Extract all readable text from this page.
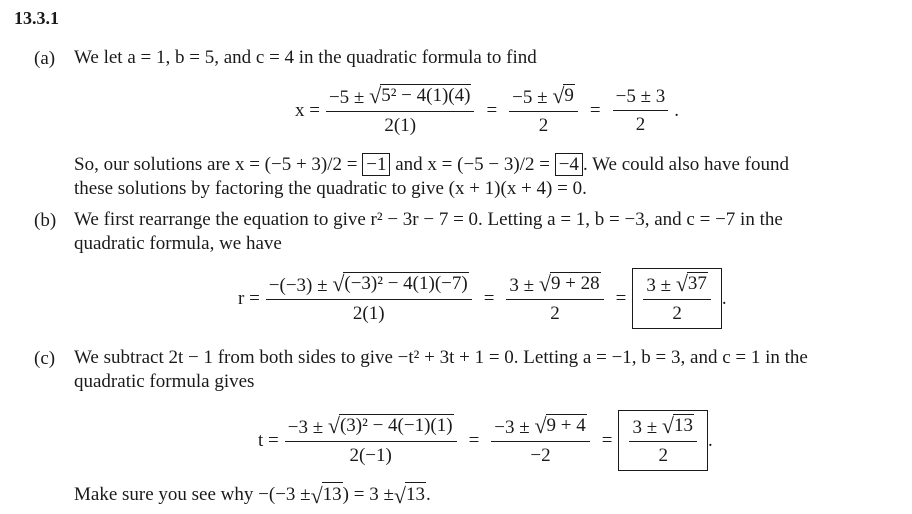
13.3.1
(a) We let a = 1, b = 5, and c = 4 in the quadratic formula to find
$x = \frac{\text{−5 ± √ 5² − 4(1)(4)}}{2(1)} = \frac{-5 \pm √ 9}{2} = \frac{-5 \pm 3}{2}$ .
So, our solutions are x = (−5 + 3)/2 = −1 and x = (−5 − 3)/2 = −4 . We could also have found
these solutions by factoring the quadratic to give (x + 1)(x + 4) = 0.
(b) We first rearrange the equation to give r² − 3r − 7 = 0. Letting a = 1, b = −3, and c = −7 in the
quadratic formula, we have
$r = \frac{\text{−(−3) ± √ (−3)² − 4(1)(−7)}}{2(1)} = \frac{3 \pm √ 9 + 28}{2} = \frac{3 \pm √ 37}{2}$ .
(c) We subtract 2t − 1 from both sides to give −t² + 3t + 1 = 0. Letting a = −1, b = 3, and c = 1 in the
quadratic formula gives
$t = \frac{\text{−3 ± √ (3)² − 4(−1)(1)}}{2(-1)} = \frac{-3 \pm √ 9 + 4}{-2} = \frac{3 \pm √ 13}{2}$ .
Make sure you see why −(−3 ± √ 13 ) = 3 ± √ 13 .
